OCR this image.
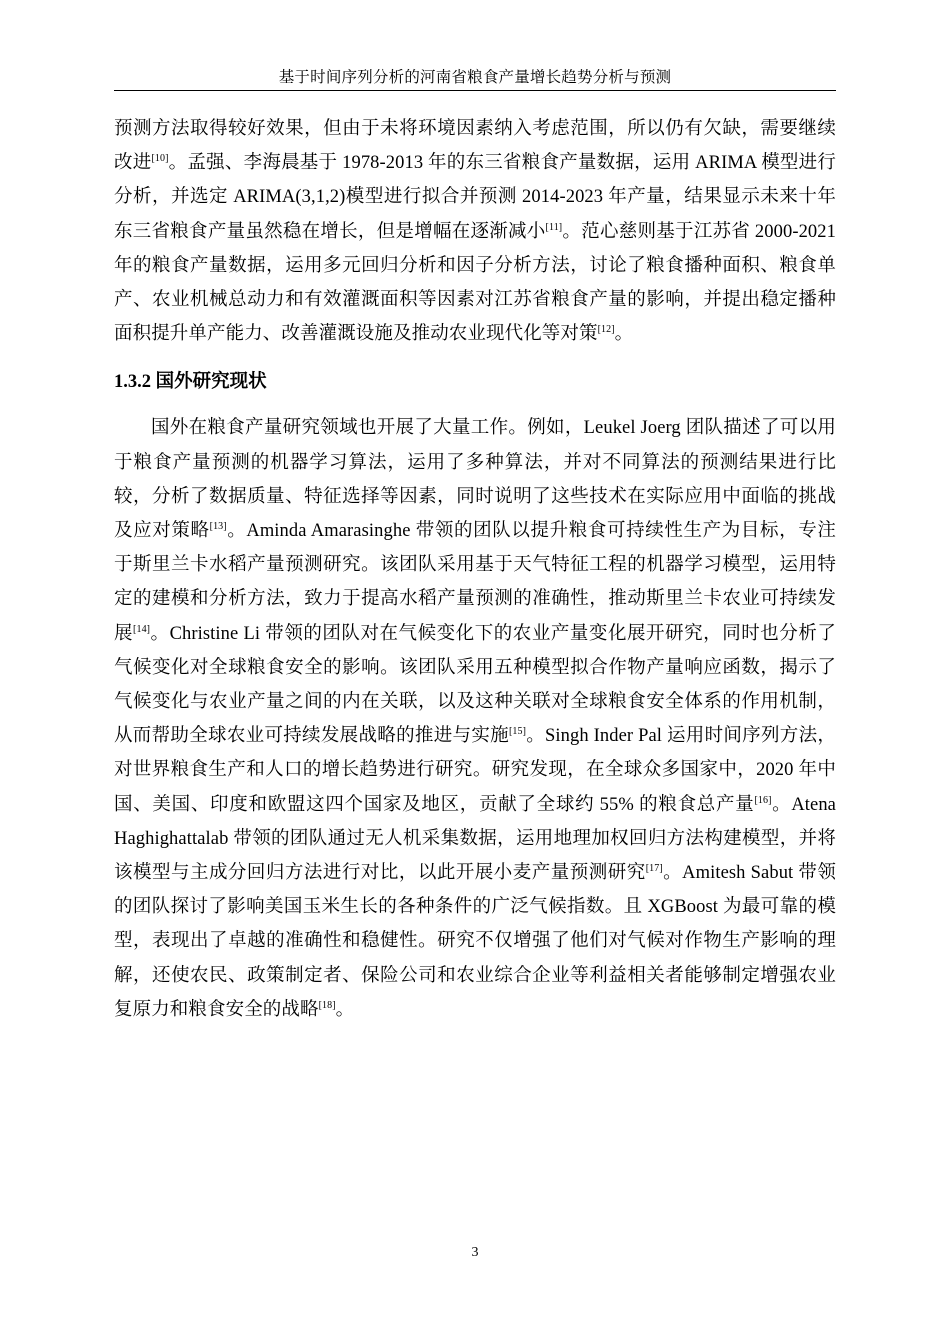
基于时间序列分析的河南省粮食产量增长趋势分析与预测

预测方法取得较好效果，但由于未将环境因素纳入考虑范围，所以仍有欠缺，需要继续改进[10]。孟强、李海晨基于 1978-2013 年的东三省粮食产量数据，运用 ARIMA 模型进行分析，并选定 ARIMA(3,1,2)模型进行拟合并预测 2014-2023 年产量，结果显示未来十年东三省粮食产量虽然稳在增长，但是增幅在逐渐减小[11]。范心慈则基于江苏省 2000-2021 年的粮食产量数据，运用多元回归分析和因子分析方法，讨论了粮食播种面积、粮食单产、农业机械总动力和有效灌溉面积等因素对江苏省粮食产量的影响，并提出稳定播种面积提升单产能力、改善灌溉设施及推动农业现代化等对策[12]。

1.3.2 国外研究现状

国外在粮食产量研究领域也开展了大量工作。例如，Leukel Joerg 团队描述了可以用于粮食产量预测的机器学习算法，运用了多种算法，并对不同算法的预测结果进行比较，分析了数据质量、特征选择等因素，同时说明了这些技术在实际应用中面临的挑战及应对策略[13]。Aminda Amarasinghe 带领的团队以提升粮食可持续性生产为目标，专注于斯里兰卡水稻产量预测研究。该团队采用基于天气特征工程的机器学习模型，运用特定的建模和分析方法，致力于提高水稻产量预测的准确性，推动斯里兰卡农业可持续发展[14]。Christine Li 带领的团队对在气候变化下的农业产量变化展开研究，同时也分析了气候变化对全球粮食安全的影响。该团队采用五种模型拟合作物产量响应函数，揭示了气候变化与农业产量之间的内在关联，以及这种关联对全球粮食安全体系的作用机制，从而帮助全球农业可持续发展战略的推进与实施[15]。Singh Inder Pal 运用时间序列方法，对世界粮食生产和人口的增长趋势进行研究。研究发现，在全球众多国家中，2020 年中国、美国、印度和欧盟这四个国家及地区，贡献了全球约 55% 的粮食总产量[16]。Atena Haghighattalab 带领的团队通过无人机采集数据，运用地理加权回归方法构建模型，并将该模型与主成分回归方法进行对比，以此开展小麦产量预测研究[17]。Amitesh Sabut 带领的团队探讨了影响美国玉米生长的各种条件的广泛气候指数。且 XGBoost 为最可靠的模型，表现出了卓越的准确性和稳健性。研究不仅增强了他们对气候对作物生产影响的理解，还使农民、政策制定者、保险公司和农业综合企业等利益相关者能够制定增强农业复原力和粮食安全的战略[18]。

3
